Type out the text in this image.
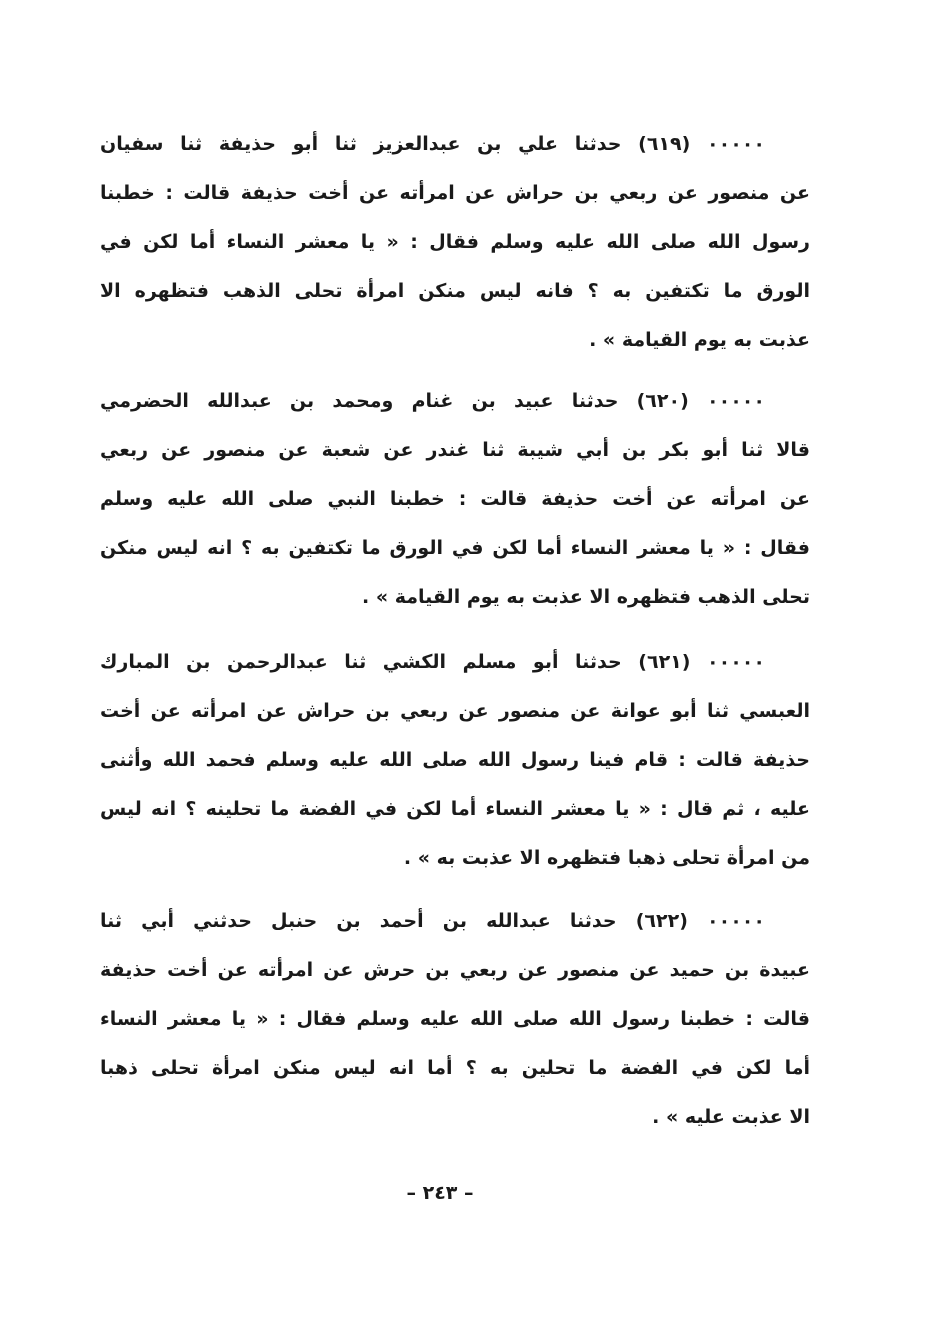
٠٠٠٠٠ (٦١٩) حدثنا علي بن عبدالعزيز ثنا أبو حذيفة ثنا سفيان
عن منصور عن ربعي بن حراش عن امرأته عن أخت حذيفة قالت : خطبنا
رسول الله صلى الله عليه وسلم فقال : « يا معشر النساء أما لكن في
الورق ما تكتفين به ؟ فانه ليس منكن امرأة تحلى الذهب فتظهره الا
عذبت به يوم القيامة » .
٠٠٠٠٠ (٦٢٠) حدثنا عبيد بن غنام ومحمد بن عبدالله الحضرمي
قالا ثنا أبو بكر بن أبي شيبة ثنا غندر عن شعبة عن منصور عن ربعي
عن امرأته عن أخت حذيفة قالت : خطبنا النبي صلى الله عليه وسلم
فقال : « يا معشر النساء أما لكن في الورق ما تكتفين به ؟ انه ليس منكن
تحلى الذهب فتظهره الا عذبت به يوم القيامة » .
٠٠٠٠٠ (٦٢١) حدثنا أبو مسلم الكشي ثنا عبدالرحمن بن المبارك
العبسي ثنا أبو عوانة عن منصور عن ربعي بن حراش عن امرأته عن أخت
حذيفة قالت : قام فينا رسول الله صلى الله عليه وسلم فحمد الله وأثنى
عليه ، ثم قال : « يا معشر النساء أما لكن في الفضة ما تحلينه ؟ انه ليس
من امرأة تحلى ذهبا فتظهره الا عذبت به » .
٠٠٠٠٠ (٦٢٢) حدثنا عبدالله بن أحمد بن حنبل حدثني أبي ثنا
عبيدة بن حميد عن منصور عن ربعي بن حرش عن امرأته عن أخت حذيفة
قالت : خطبنا رسول الله صلى الله عليه وسلم فقال : « يا معشر النساء
أما لكن في الفضة ما تحلين به ؟ أما انه ليس منكن امرأة تحلى ذهبا
الا عذبت عليه » .
– ٢٤٣ –
